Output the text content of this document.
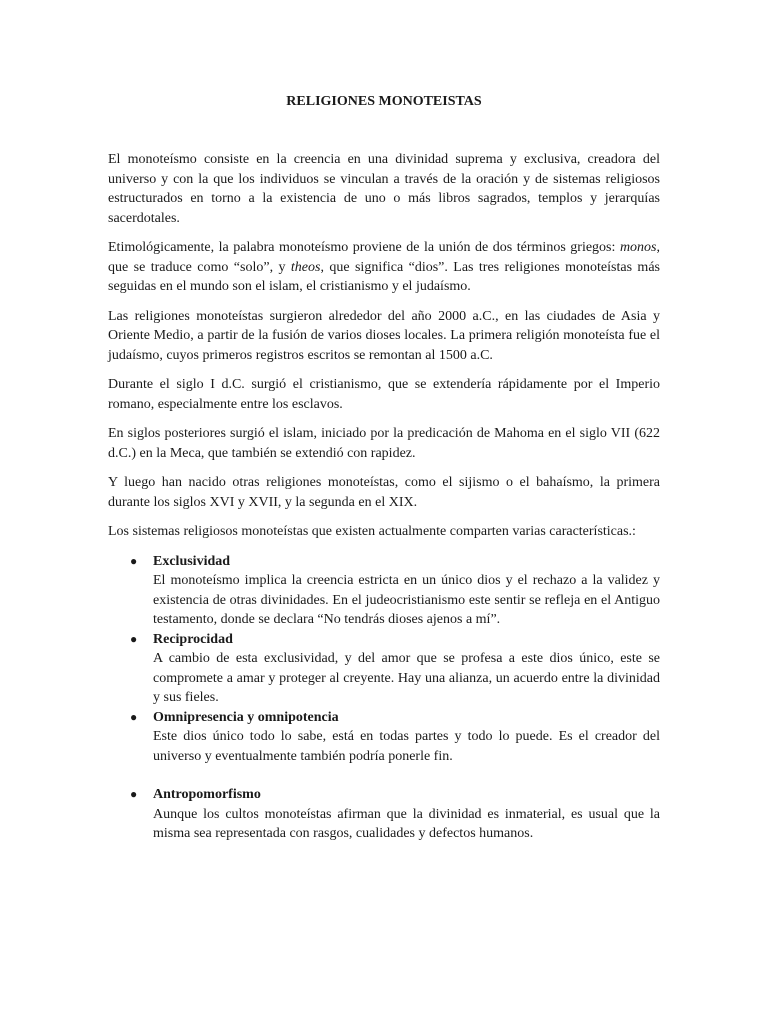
RELIGIONES MONOTEISTAS

El monoteísmo consiste en la creencia en una divinidad suprema y exclusiva, creadora del universo y con la que los individuos se vinculan a través de la oración y de sistemas religiosos estructurados en torno a la existencia de uno o más libros sagrados, templos y jerarquías sacerdotales.

Etimológicamente, la palabra monoteísmo proviene de la unión de dos términos griegos: monos, que se traduce como “solo”, y theos, que significa “dios”. Las tres religiones monoteístas más seguidas en el mundo son el islam, el cristianismo y el judaísmo.

Las religiones monoteístas surgieron alrededor del año 2000 a.C., en las ciudades de Asia y Oriente Medio, a partir de la fusión de varios dioses locales. La primera religión monoteísta fue el judaísmo, cuyos primeros registros escritos se remontan al 1500 a.C.

Durante el siglo I d.C. surgió el cristianismo, que se extendería rápidamente por el Imperio romano, especialmente entre los esclavos.

En siglos posteriores surgió el islam, iniciado por la predicación de Mahoma en el siglo VII (622 d.C.) en la Meca, que también se extendió con rapidez.

Y luego han nacido otras religiones monoteístas, como el sijismo o el bahaísmo, la primera durante los siglos XVI y XVII, y la segunda en el XIX.

Los sistemas religiosos monoteístas que existen actualmente comparten varias características.:

● Exclusividad
El monoteísmo implica la creencia estricta en un único dios y el rechazo a la validez y existencia de otras divinidades. En el judeocristianismo este sentir se refleja en el Antiguo testamento, donde se declara “No tendrás dioses ajenos a mí”.
● Reciprocidad
A cambio de esta exclusividad, y del amor que se profesa a este dios único, este se compromete a amar y proteger al creyente. Hay una alianza, un acuerdo entre la divinidad y sus fieles.
● Omnipresencia y omnipotencia
Este dios único todo lo sabe, está en todas partes y todo lo puede. Es el creador del universo y eventualmente también podría ponerle fin.
● Antropomorfismo
Aunque los cultos monoteístas afirman que la divinidad es inmaterial, es usual que la misma sea representada con rasgos, cualidades y defectos humanos.
